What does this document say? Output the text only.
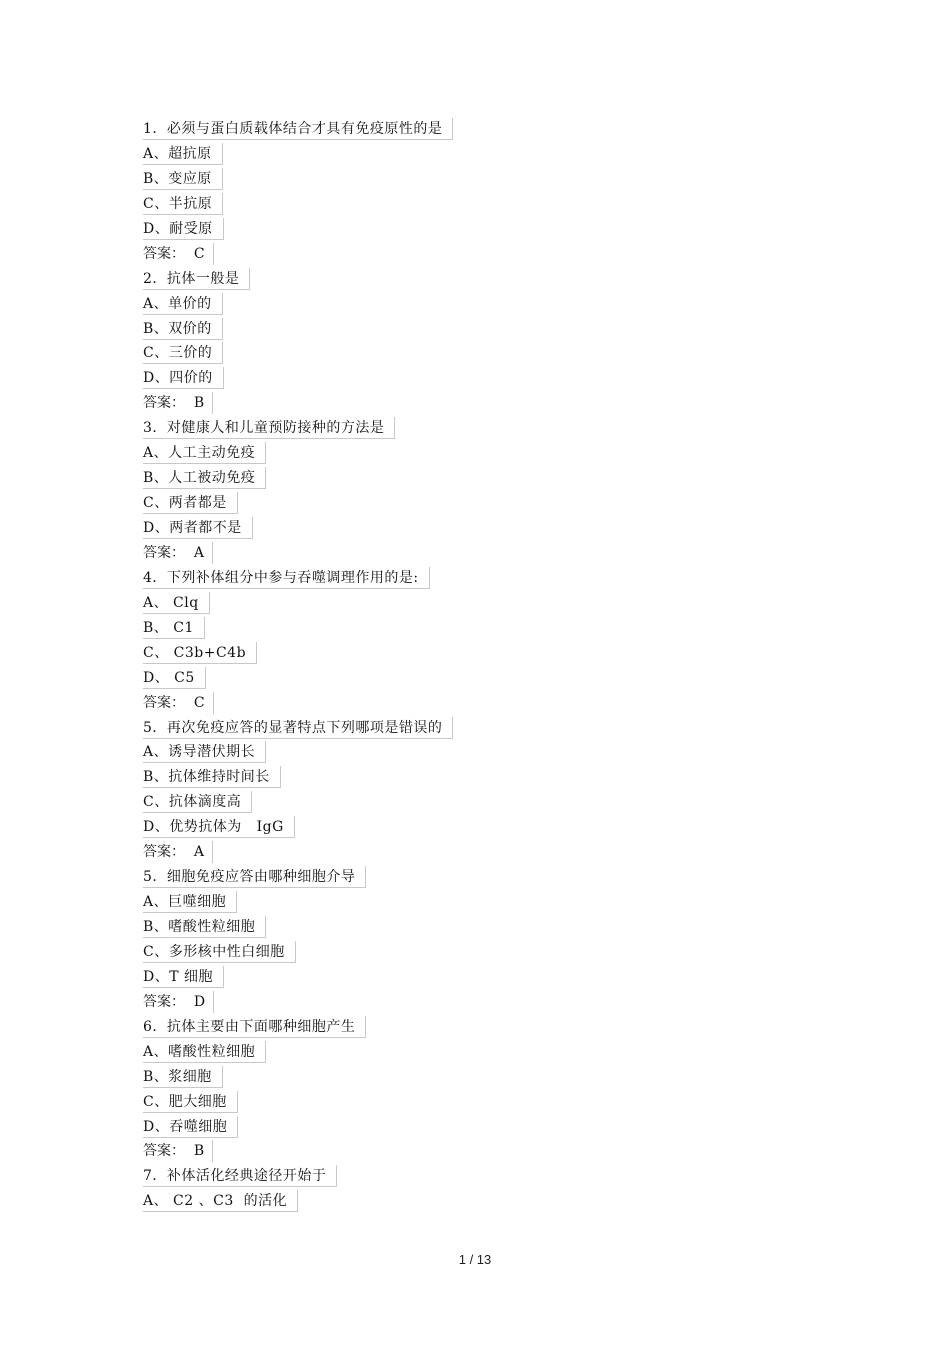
1．必须与蛋白质载体结合才具有免疫原性的是
A、超抗原
B、变应原
C、半抗原
D、耐受原
答案：  C
2．抗体一般是
A、单价的
B、双价的
C、三价的
D、四价的
答案：  B
3．对健康人和儿童预防接种的方法是
A、人工主动免疫
B、人工被动免疫
C、两者都是
D、两者都不是
答案：  A
4．下列补体组分中参与吞噬调理作用的是:
A、 Clq
B、 C1
C、 C3b+C4b
D、 C5
答案：  C
5．再次免疫应答的显著特点下列哪项是错误的
A、诱导潜伏期长
B、抗体维持时间长
C、抗体滴度高
D、优势抗体为   IgG
答案：  A
5．细胞免疫应答由哪种细胞介导
A、巨噬细胞
B、嗜酸性粒细胞
C、多形核中性白细胞
D、T 细胞
答案：  D
6．抗体主要由下面哪种细胞产生
A、嗜酸性粒细胞
B、浆细胞
C、肥大细胞
D、吞噬细胞
答案：  B
7．补体活化经典途径开始于
A、 C2 、C3  的活化
1 / 13
